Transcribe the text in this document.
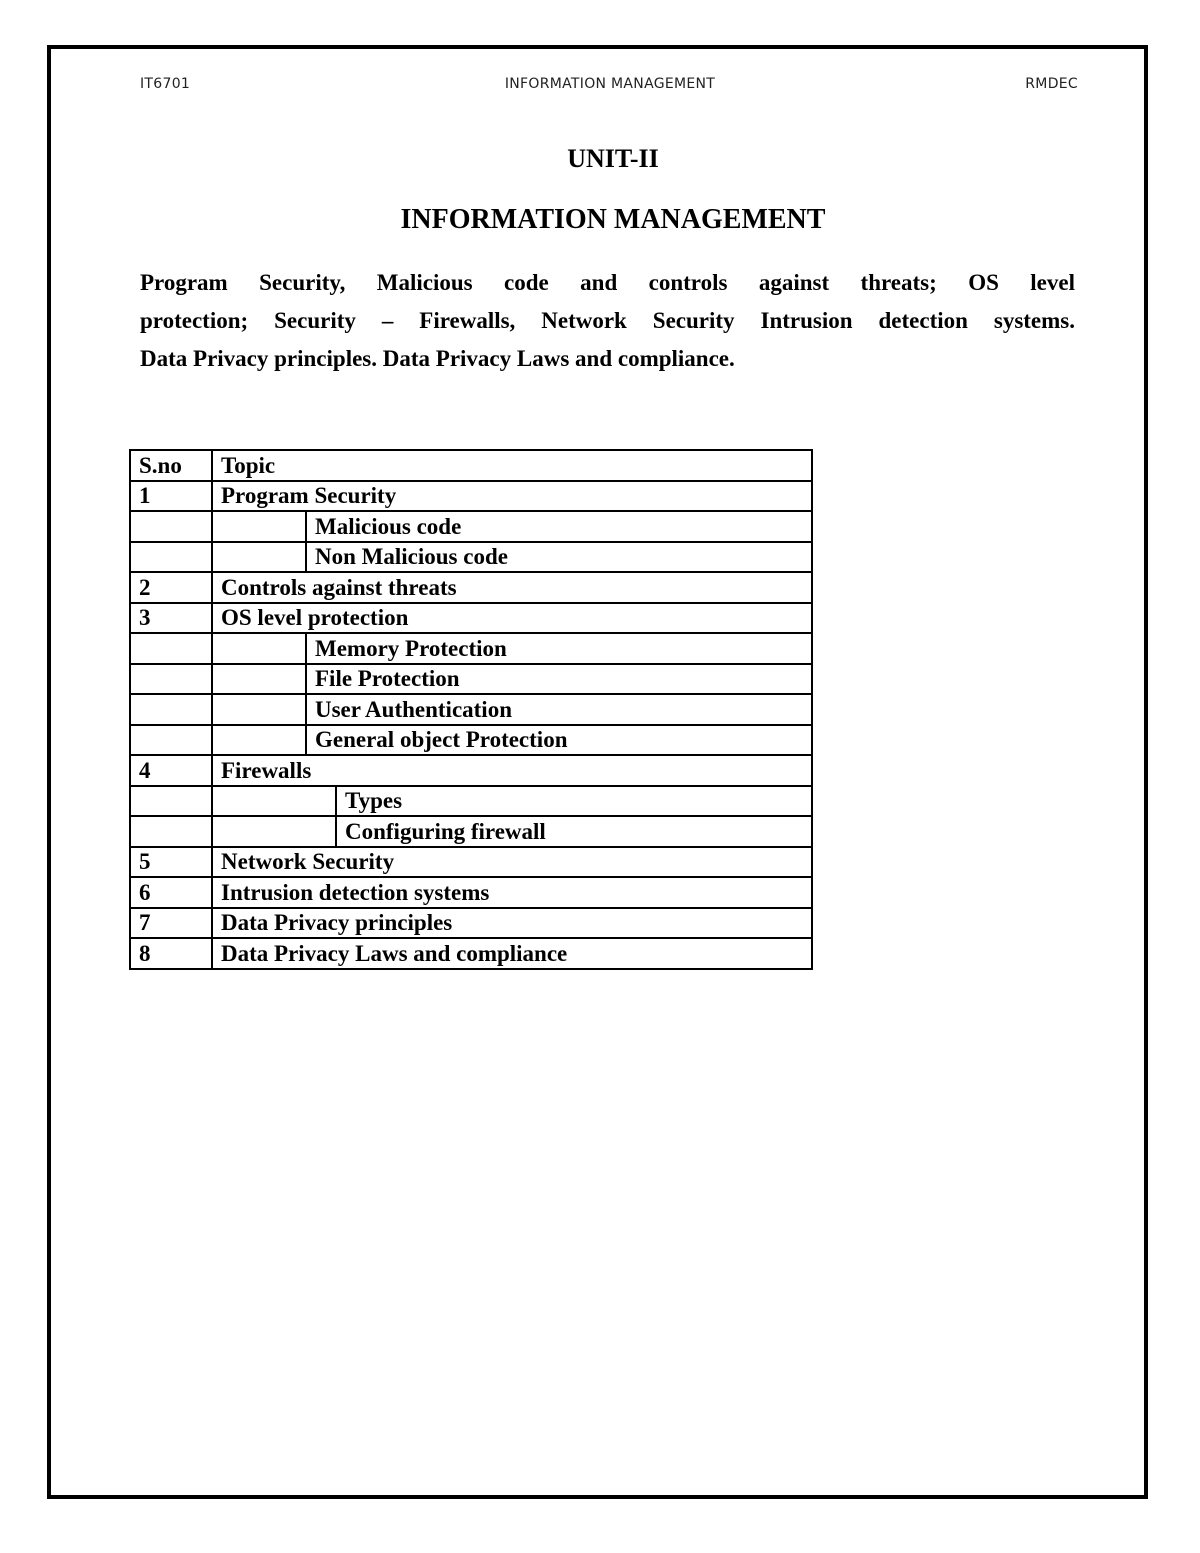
IT6701	INFORMATION MANAGEMENT	RMDEC
UNIT-II
INFORMATION MANAGEMENT

Program Security, Malicious code and controls against threats; OS level
protection; Security – Firewalls, Network Security Intrusion detection systems.
Data Privacy principles. Data Privacy Laws and compliance.

S.no	Topic		
1	Program Security		
		Malicious code	
		Non Malicious code	
2	Controls against threats		
3	OS level protection		
		Memory Protection	
		File Protection	
		User Authentication	
		General object Protection	
4	Firewalls		
			Types
			Configuring firewall
5	Network Security		
6	Intrusion detection systems		
7	Data Privacy principles		
8	Data Privacy Laws and compliance		
